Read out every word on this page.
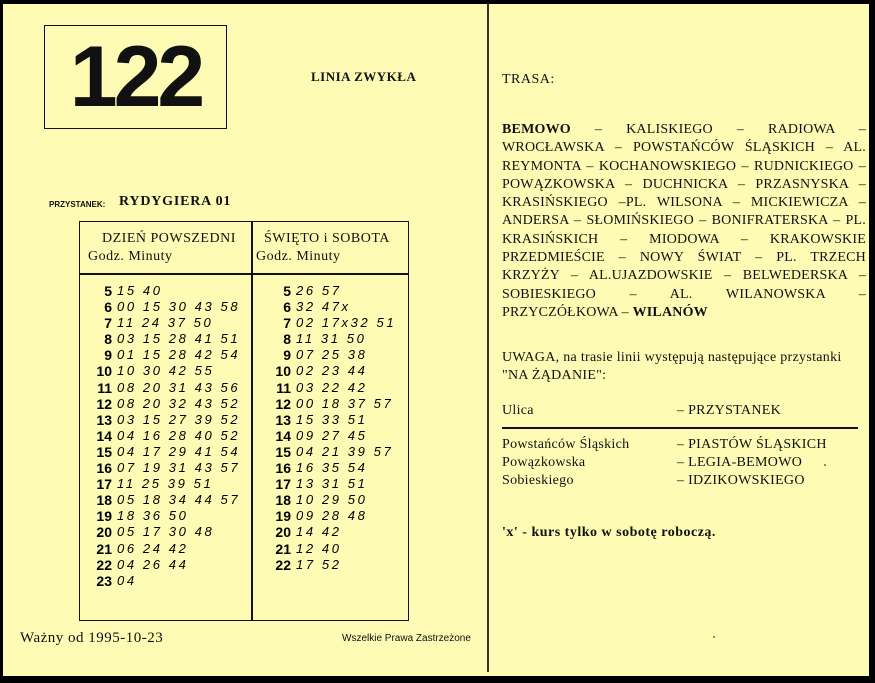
122	LINIA ZWYKŁA
PRZYSTANEK: RYDYGIERA 01
DZIEŃ POWSZEDNI
Godz. Minuty
ŚWIĘTO i SOBOTA
Godz. Minuty
5 15 40
6 00 15 30 43 58
7 11 24 37 50
8 03 15 28 41 51
9 01 15 28 42 54
10 10 30 42 55
11 08 20 31 43 56
12 08 20 32 43 52
13 03 15 27 39 52
14 04 16 28 40 52
15 04 17 29 41 54
16 07 19 31 43 57
17 11 25 39 51
18 05 18 34 44 57
19 18 36 50
20 05 17 30 48
21 06 24 42
22 04 26 44
23 04
5 26 57
6 32 47x
7 02 17x32 51
8 11 31 50
9 07 25 38
10 02 23 44
11 03 22 42
12 00 18 37 57
13 15 33 51
14 09 27 45
15 04 21 39 57
16 16 35 54
17 13 31 51
18 10 29 50
19 09 28 48
20 14 42
21 12 40
22 17 52
Ważny od 1995-10-23	Wszelkie Prawa Zastrzeżone
TRASA:

BEMOWO – KALISKIEGO – RADIOWA – WROCŁAWSKA – POWSTAŃCÓW ŚLĄSKICH – AL. REYMONTA – KOCHANOWSKIEGO – RUDNICKIEGO – POWĄZKOWSKA – DUCHNICKA – PRZASNYSKA – KRASIŃSKIEGO –PL. WILSONA – MICKIEWICZA – ANDERSA – SŁOMIŃSKIEGO – BONIFRATERSKA – PL. KRASIŃSKICH – MIODOWA – KRAKOWSKIE PRZEDMIEŚCIE – NOWY ŚWIAT – PL. TRZECH KRZYŻY – AL.UJAZDOWSKIE – BELWEDERSKA – SOBIESKIEGO – AL. WILANOWSKA – PRZYCZÓŁKOWA – WILANÓW

UWAGA, na trasie linii występują następujące przystanki "NA ŻĄDANIE":

Ulica	– PRZYSTANEK
Powstańców Śląskich	– PIASTÓW ŚLĄSKICH
Powązkowska	– LEGIA-BEMOWO
Sobieskiego	– IDZIKOWSKIEGO
'x' - kurs tylko w sobotę roboczą.
